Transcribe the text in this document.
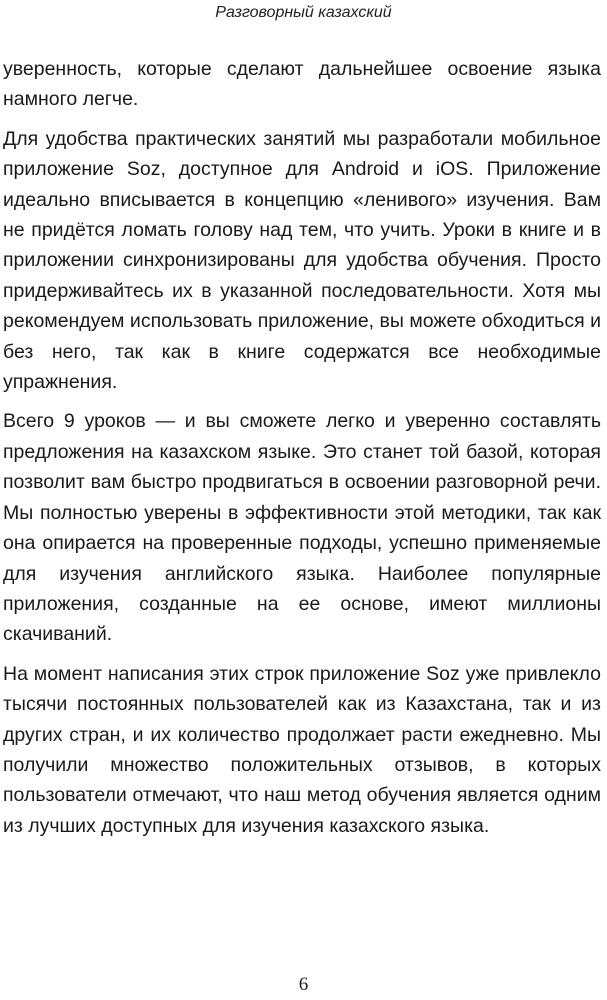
Разговорный казахский

уверенность, которые сделают дальнейшее освоение языка намного легче.

Для удобства практических занятий мы разработали мобильное приложение Soz, доступное для Android и iOS. Приложение идеально вписывается в концепцию «ленивого» изучения. Вам не придётся ломать голову над тем, что учить. Уроки в книге и в приложении синхронизированы для удобства обучения. Просто придерживайтесь их в указанной последовательности. Хотя мы рекомендуем использовать приложение, вы можете обходиться и без него, так как в книге содержатся все необходимые упражнения.

Всего 9 уроков — и вы сможете легко и уверенно составлять предложения на казахском языке. Это станет той базой, которая позволит вам быстро продвигаться в освоении разговорной речи. Мы полностью уверены в эффективности этой методики, так как она опирается на проверенные подходы, успешно применяемые для изучения английского языка. Наиболее популярные приложения, созданные на ее основе, имеют миллионы скачиваний.

На момент написания этих строк приложение Soz уже привлекло тысячи постоянных пользователей как из Казахстана, так и из других стран, и их количество продолжает расти ежедневно. Мы получили множество положительных отзывов, в которых пользователи отмечают, что наш метод обучения является одним из лучших доступных для изучения казахского языка.

6
